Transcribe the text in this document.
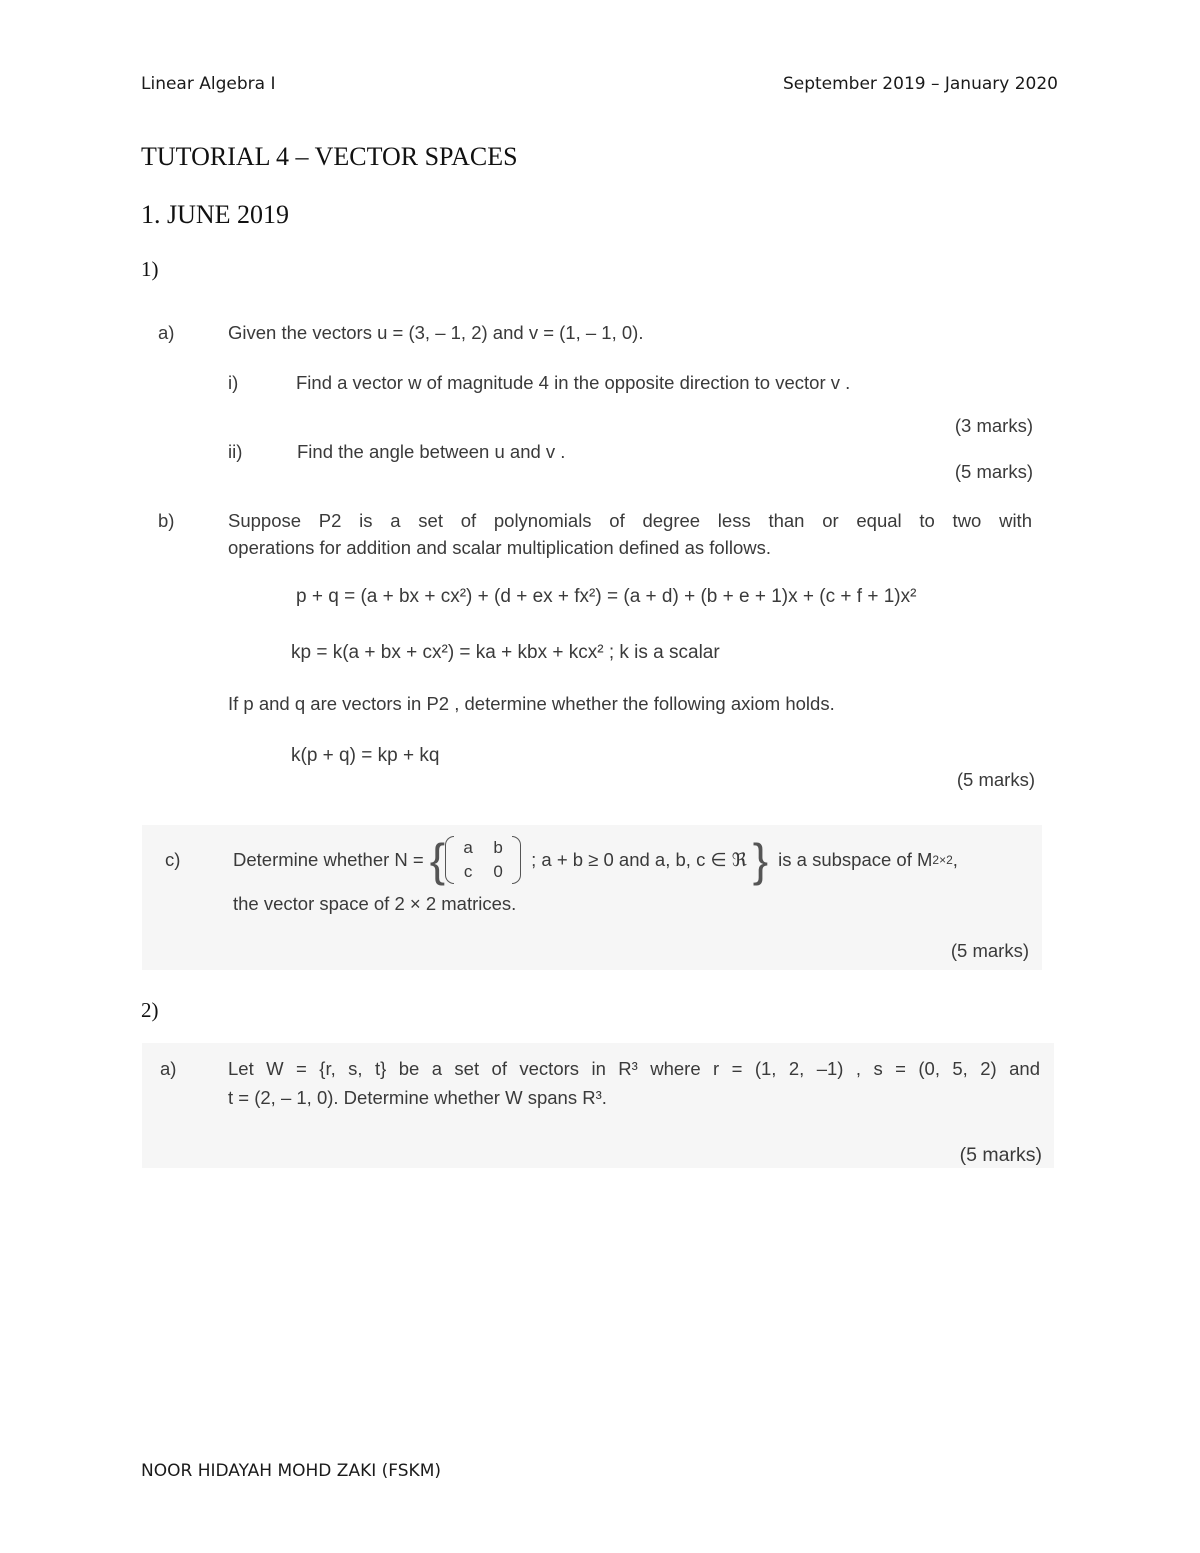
Linear Algebra I	September 2019 – January 2020
TUTORIAL 4 – VECTOR SPACES
1. JUNE 2019
1)
a)	Given the vectors u = (3, – 1, 2) and v = (1, – 1, 0).
i)	Find a vector w of magnitude 4 in the opposite direction to vector v .
(3 marks)
ii)	Find the angle between u and v .
(5 marks)
b)	Suppose P2 is a set of polynomials of degree less than or equal to two with
operations for addition and scalar multiplication defined as follows.
p + q = (a + bx + cx²) + (d + ex + fx²) = (a + d) + (b + e + 1)x + (c + f + 1)x²
kp = k(a + bx + cx²) = ka + kbx + kcx² ; k is a scalar
If p and q are vectors in P2 , determine whether the following axiom holds.
k(p + q) = kp + kq
(5 marks)
c)	Determine whether N = {	a	b
c	0
; a + b ≥ 0 and a, b, c ∈ ℜ } is a subspace of M 2×2 ,
the vector space of 2 × 2 matrices.
(5 marks)
2)
a)	Let W = {r, s, t} be a set of vectors in R³ where r = (1, 2, –1) , s = (0, 5, 2) and
t = (2, – 1, 0). Determine whether W spans R³.
(5 marks)
NOOR HIDAYAH MOHD ZAKI (FSKM)
